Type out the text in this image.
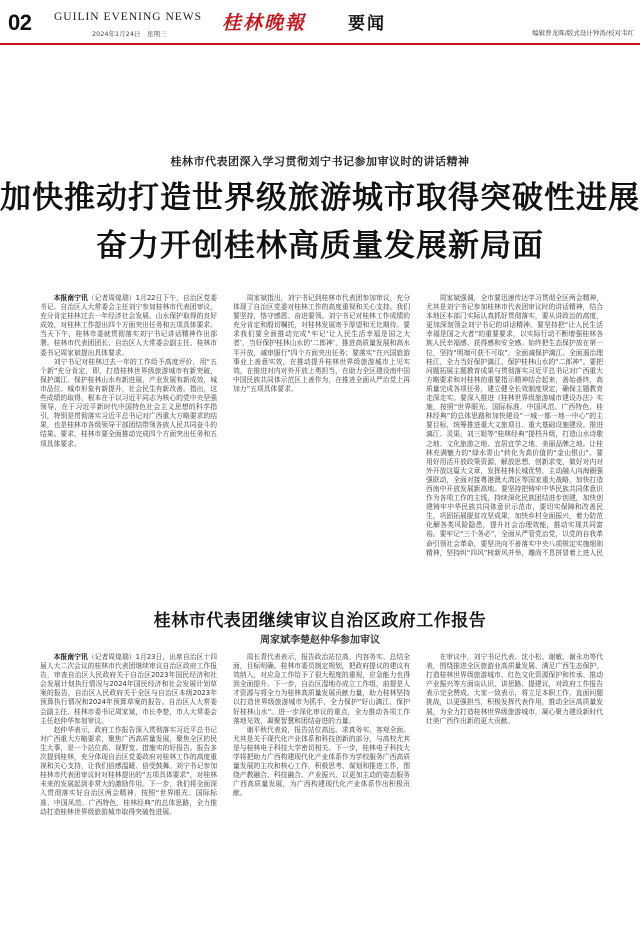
02 GUILIN EVENING NEWS
2024年1月24日　星期三	桂林晚報 要闻	编辑曾龙晖/版式设计钟涛/校对韦红
桂林市代表团深入学习贯彻刘宁书记参加审议时的讲话精神
加快推动打造世界级旅游城市取得突破性进展
奋力开创桂林高质量发展新局面

本报南宁讯（记者周煌瑞）1月22日下午，自治区党委书记、自治区人大常委会主任刘宁参加桂林市代表团审议，充分肯定桂林过去一年经济社会发展、山水保护取得的良好成效，对桂林工作提出四个方面突出任务和五项具体要求。当天下午，桂林市委就贯彻落实刘宁书记讲话精神作出部署。桂林市代表团团长、自治区人大常委会副主任、桂林市委书记周家斌提出具体要求。

刘宁书记对桂林过去一年的工作给予高度评价，用“五个新”充分肯定，即，打造桂林世界级旅游城市有新突破，保护漓江、保护桂林山水有新进展，产业发展有新成效，城市品位、城市形象有新提升，社会民生有新改善。指出，这些成绩的取得，根本在于以习近平同志为核心的党中央坚强领导，在于习近平新时代中国特色社会主义思想的科学指引，特别是贯彻落实习近平总书记对广西重大方略要求的结果，也是桂林市各级领导干部团结带领各族人民共同奋斗的结果。要求，桂林市要全面推动完成四个方面突出任务和五项具体要求。

周家斌指出，刘宁书记到桂林市代表团参加审议，充分体现了自治区党委对桂林工作的高度重视和关心支持。我们要坚持，恪守感恩、奋进要领。刘宁书记对桂林工作成绩的充分肯定和殷切嘱托，对桂林发展寄予厚望和无比期待。要求我们要全面推动完成“牢记‘让人民生活幸福是国之大者’，当好保护桂林山水的‘二郎神’，推进高质量发展和高水平开放，减审服行”四个方面突出任务；要落实“在兴国旅游事业上善意实效，在推动提升桂林世界级旅游城市上见实效，在推进对内对外开放上勇担当，在助力全区建设南中国中国民族共同体示范区上善作为，在推进全面从严治党上再加力”五项具体要求。

周家斌强调，全市要迅速传达学习贯彻全区两会精神，尤其是刘宁书记参加桂林市代表团审议时的讲话精神，结合本地区本部门实际认真抓好贯彻落实，要从讲政治的高度，更加深刻领会刘宁书记的讲话精神。要坚持把“让人民生活幸福是国之大者”的重要要求，以实际行动不断增强桂林各族人民幸福感、获得感和安全感。始终把生态保护放在第一位，坚持“明端可获不可取”，全面减保护漓江、全面遏治理桂江，全力当好保护漓江、保护桂林山水的“二郎神”。要把问题拓展主题教育成果与贯彻落实习近平总书记对广西重大方略要求和对桂林的重要指示精神结合起来，善始善终，高质量完成各项任务，建立健全长效制度规定，确保主题教育走深走实。要深入推进《桂林世界级旅游城市建设办法》实施，按照“世界眼光、国际标准、中国风范、广西特色、桂林经典”的总体思路和加快建设“一城一都一地一中心”的主要目标，统筹推进重大文旅项目、重大基础设施建设。推进漓江、灵渠、刘三姐等“桂林经典”提档升级，打造山水诗歌之地、文化旅游之地、宜居宜学之地、美丽品牌之地。让桂林充满魅力的“绿水青山”转化为高价值的“金山银山”。要用好用活开放政策资源，解放思想、创新求变，做好对内对外开放这篇大文章，发挥桂林长城优势，主动融入向海圈强强联动，全面对接粤港澳大湾区等国家重大战略，加快打造西南中开放发展新高地。要坚持把铸牢中华民族共同体意识作为各项工作的主线，持续深化民族团结进步创建，加快创建铸牢中华民族共同体意识示范市，要切实保障和改善民生，巩固拓展脱贫攻坚成果，加快乡村全面振兴，着力防范化解各类风险隐患，提升社会治理效能，推动实现共同富裕。要牢记“三个务必”，全面从严管党治党，以党的自我革命引领社会革命，要坚决向不善落实中央八项规定实施细则精神，坚持纠“四风”树新风并举，雕尚不息拼冒着上进人民

桂林市代表团继续审议自治区政府工作报告
周家斌李楚赵仲华参加审议

本报南宁讯（记者周煌瑞）1月23日，出席自治区十四届人大二次会议的桂林市代表团继续审议自治区政府工作报告，审查自治区人民政府关于自治区2023年国民经济和社会发展计划执行情况与2024年国民经济和社会发展计划草案的报告，自治区人民政府关于全区与自治区本级2023年预算执行情况和2024年预算草案的报告。自治区人大常委会副主任、桂林市委书记周家斌，市长李楚，市人大常委会主任赵仲华参加审议。

赵仲华表示，政府工作报告深入贯彻落实习近平总书记对广西重大方略要求，聚焦广西高质量发展，聚焦全区的民生大事，是一个站位高、视野宽、措施实的好报告。报告多次提到桂林，充分体现自治区党委政府对桂林工作的高度重视和关心支持，让我们倍感温暖、倍受鼓舞。刘宁书记参加桂林市代表团审议时对桂林提出的“五项具体要求”，对桂林未来的发展起到非常大的激励作用。下一步，我们将全面深入贯彻落实好自治区两会精神，按照“世界眼光、国际标准、中国风范、广西特色、桂林经典”的总体思路，全力推动打造桂林世界级旅游城市取得突破性进展。

周长青代表表示，报告政治站位高、内容务实、总结全面，目标明确。桂林市委员制定规划，把政府提议的建议有效纳入，对应急工作给予了很大程度的重视，应急能力也得到全面提升。下一步，自治区湿地办成立工作组，前提是人才资源与将全力为桂林高质量发展贡献力量，助力桂林坚持以打造世界级旅游城市为抓手，全力保护“好山漓江、保护好桂林山水”。进一步深化审议的重点，全力推动各项工作落地见效，凝聚智慧和团结奋进的力量。

谢平秋代表说，报告站位高远、求真务实、客观全面。尤其是关于现代化产业体系和科技创新的部分，与高校尤其是与桂林电子科技大学密切相关。下一步，桂林电子科技大学将把助力广西构建现代化产业体系作为学校服务广西高质量发展的主攻和核心工作，积极思考、谋划和推进工作，围绕产教融合、科技融合、产业振兴，以更加主动的姿态服务广西高质量发展，为广西构建现代化产业体系作出积极贡献。

在审议中，刘宁书记代表、沈小松、谢敏、谢永功等代表，围绕推进全区旅游业高质量发展、满足广西生态保护、打造桂林世界级旅游城市、红色文化资源保护和传承、推动产业振兴等方面谈认识、讲思路、提建议，对政府工作报告表示完全赞成。大家一致表示，将立足本职工作，直面问题挑战，以更强担当，积极发挥代表作用，推动全区高质量发展，为全力打造桂林世界级旅游城市，凝心聚力建设新时代壮美广西作出新的更大贡献。
